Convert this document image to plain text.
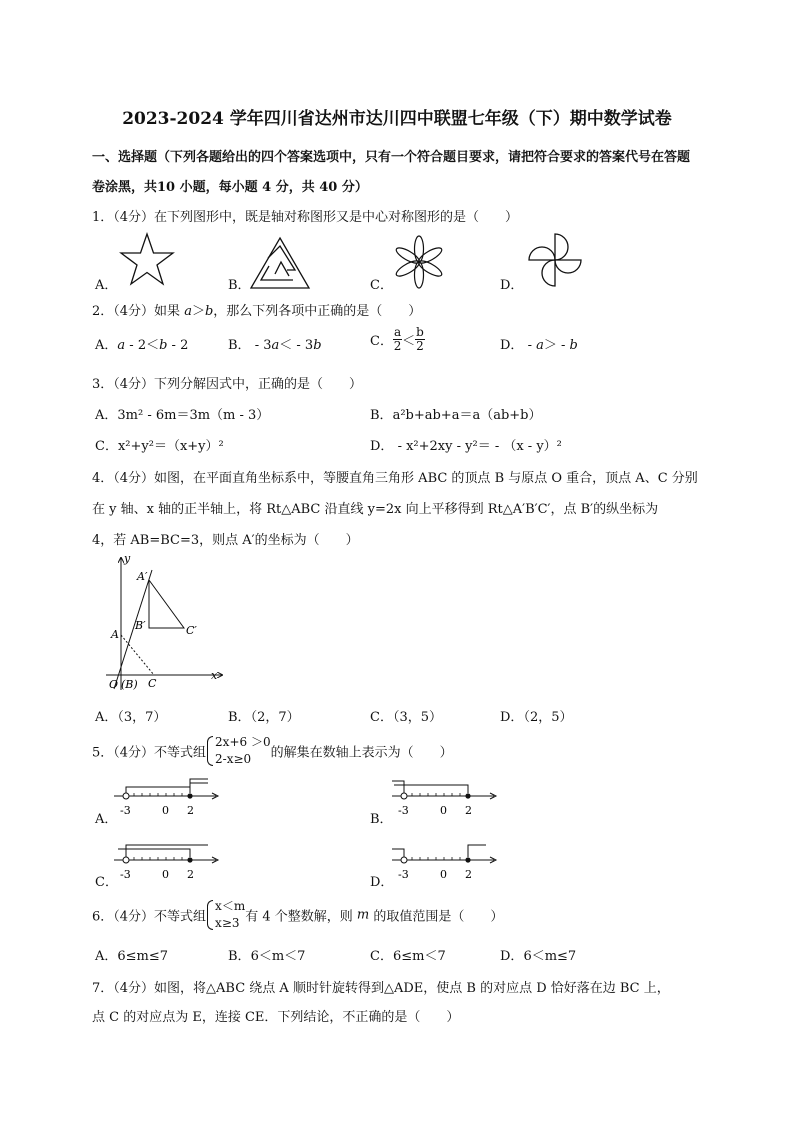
2023-2024 学年四川省达州市达川四中联盟七年级（下）期中数学试卷
一、选择题（下列各题给出的四个答案选项中，只有一个符合题目要求，请把符合要求的答案代号在答题
卷涂黑，共10 小题，每小题 4 分，共 40 分）
1．（4分）在下列图形中，既是轴对称图形又是中心对称图形的是（　　）
A．	B．	C．	D．
2．（4分）如果 a＞b，那么下列各项中正确的是（　　）
A．a - 2＜b - 2	B． - 3a＜ - 3b	C． $\frac{a}{2} < \frac{b}{2}$	D． - a＞ - b
3．（4分）下列分解因式中，正确的是（　　）
A．3m² - 6m＝3m（m - 3）	B．a²b+ab+a＝a（ab+b）
C．x²+y²＝（x+y）²	D． - x²+2xy - y²＝ - （x - y）²
4．（4分）如图，在平面直角坐标系中，等腰直角三角形 ABC 的顶点 B 与原点 O 重合，顶点 A、C 分别
在 y 轴、x 轴的正半轴上，将 Rt△ABC 沿直线 y=2x 向上平移得到 Rt△A′B′C′，点 B′的纵坐标为
4，若 AB=BC=3，则点 A′的坐标为（　　）
y
x
A′
B′	C′
A
C
O (B)
A．（3，7）	B．（2，7）	C．（3，5）	D．（2，5）
5．（4分）不等式组
2x+6 ＞0
2-x≥0	的解集在数轴上表示为（　　）
A．
-3	0 2
B．
-3	0 2
C．
-3	0 2
D．
-3	0 2
6．（4分）不等式组
x＜m
x≥3 有 4 个整数解，则 m 的取值范围是（　　）
A．6≤m≤7	B．6＜m＜7	C．6≤m＜7	D．6＜m≤7
7．（4分）如图，将△ABC 绕点 A 顺时针旋转得到△ADE，使点 B 的对应点 D 恰好落在边 BC 上，
点 C 的对应点为 E，连接 CE．下列结论，不正确的是（　　）
